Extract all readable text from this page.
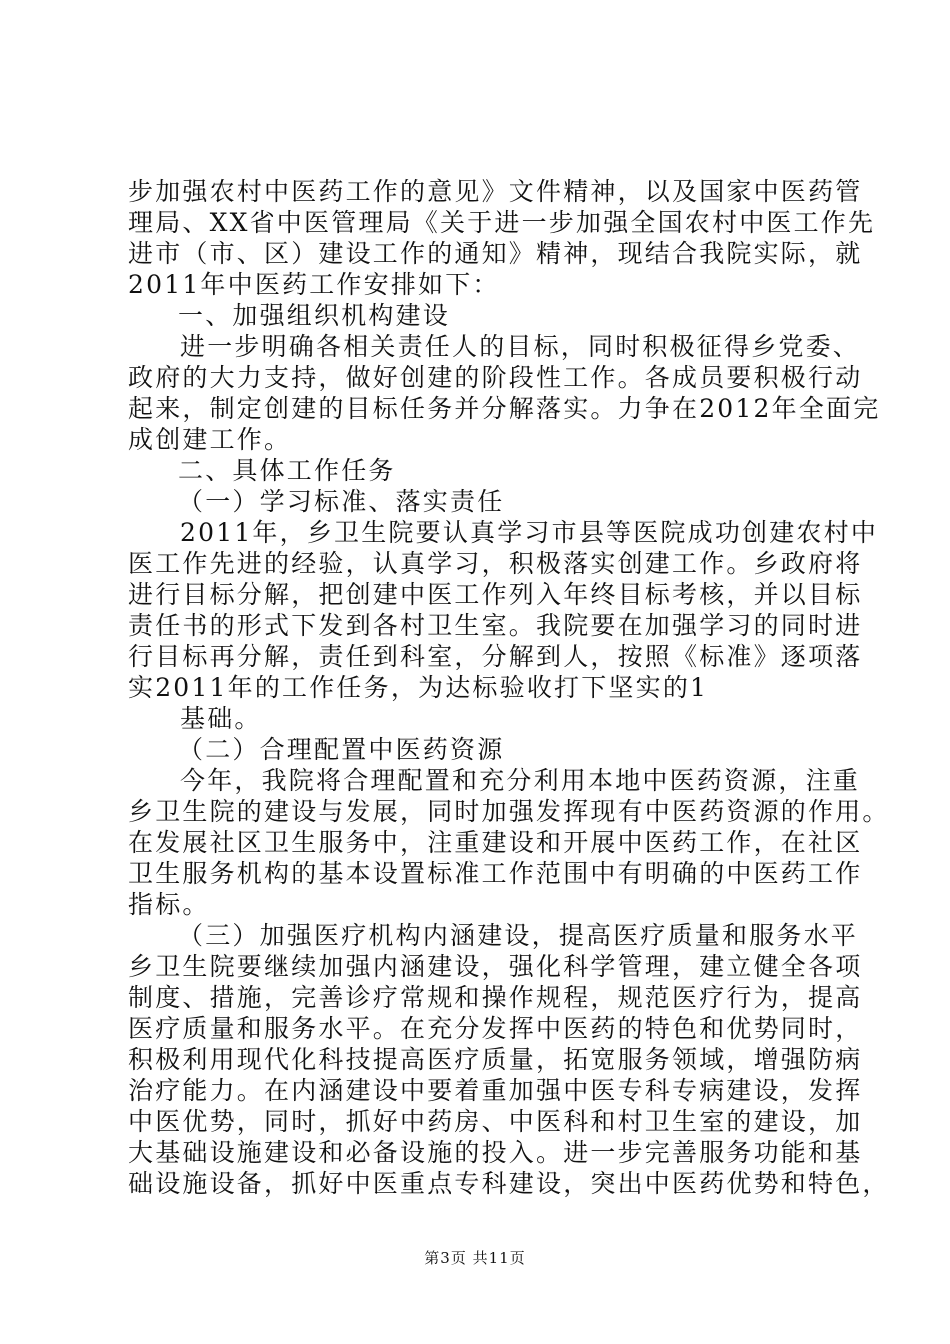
步加强农村中医药工作的意见》文件精神，以及国家中医药管
理局、XX省中医管理局《关于进一步加强全国农村中医工作先
进市（市、区）建设工作的通知》精神，现结合我院实际，就
2011年中医药工作安排如下：
一、加强组织机构建设
进一步明确各相关责任人的目标，同时积极征得乡党委、
政府的大力支持，做好创建的阶段性工作。各成员要积极行动
起来，制定创建的目标任务并分解落实。力争在2012年全面完
成创建工作。
二、具体工作任务
（一）学习标准、落实责任
2011年，乡卫生院要认真学习市县等医院成功创建农村中
医工作先进的经验，认真学习，积极落实创建工作。乡政府将
进行目标分解，把创建中医工作列入年终目标考核，并以目标
责任书的形式下发到各村卫生室。我院要在加强学习的同时进
行目标再分解，责任到科室，分解到人，按照《标准》逐项落
实2011年的工作任务，为达标验收打下坚实的1
基础。
（二）合理配置中医药资源
今年，我院将合理配置和充分利用本地中医药资源，注重
乡卫生院的建设与发展，同时加强发挥现有中医药资源的作用。
在发展社区卫生服务中，注重建设和开展中医药工作，在社区
卫生服务机构的基本设置标准工作范围中有明确的中医药工作
指标。
（三）加强医疗机构内涵建设，提高医疗质量和服务水平
乡卫生院要继续加强内涵建设，强化科学管理，建立健全各项
制度、措施，完善诊疗常规和操作规程，规范医疗行为，提高
医疗质量和服务水平。在充分发挥中医药的特色和优势同时，
积极利用现代化科技提高医疗质量，拓宽服务领域，增强防病
治疗能力。在内涵建设中要着重加强中医专科专病建设，发挥
中医优势，同时，抓好中药房、中医科和村卫生室的建设，加
大基础设施建设和必备设施的投入。进一步完善服务功能和基
础设施设备，抓好中医重点专科建设，突出中医药优势和特色，
第3页 共11页
